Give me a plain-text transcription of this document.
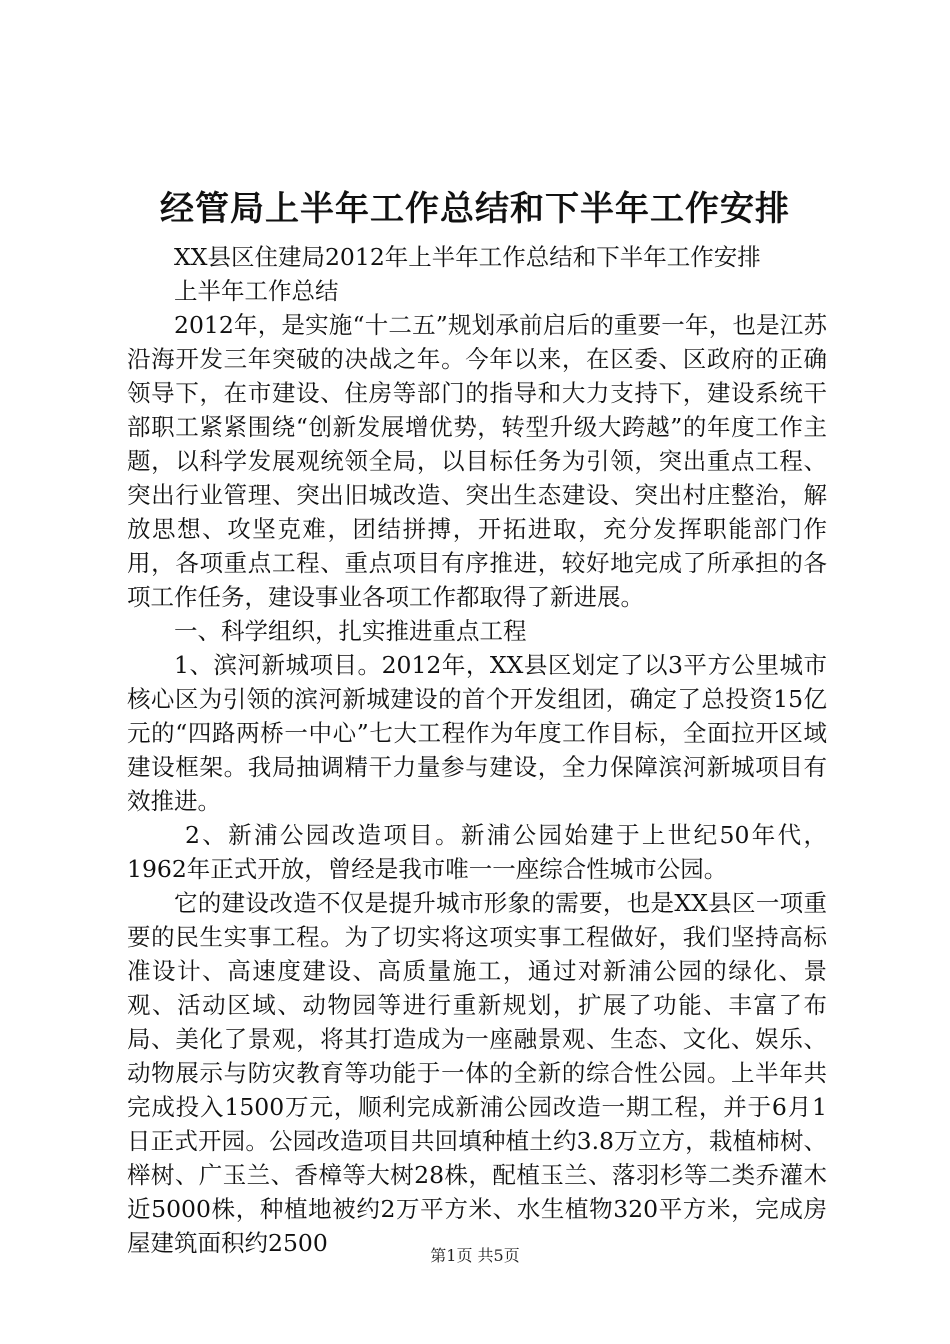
经管局上半年工作总结和下半年工作安排

XX县区住建局2012年上半年工作总结和下半年工作安排

上半年工作总结

2012年，是实施“十二五”规划承前启后的重要一年，也是江苏沿海开发三年突破的决战之年。今年以来，在区委、区政府的正确领导下，在市建设、住房等部门的指导和大力支持下，建设系统干部职工紧紧围绕“创新发展增优势，转型升级大跨越”的年度工作主题，以科学发展观统领全局，以目标任务为引领，突出重点工程、突出行业管理、突出旧城改造、突出生态建设、突出村庄整治，解放思想、攻坚克难，团结拼搏，开拓进取，充分发挥职能部门作用，各项重点工程、重点项目有序推进，较好地完成了所承担的各项工作任务，建设事业各项工作都取得了新进展。

一、科学组织，扎实推进重点工程

1、滨河新城项目。2012年，XX县区划定了以3平方公里城市核心区为引领的滨河新城建设的首个开发组团，确定了总投资15亿元的“四路两桥一中心”七大工程作为年度工作目标，全面拉开区域建设框架。我局抽调精干力量参与建设，全力保障滨河新城项目有效推进。

2、新浦公园改造项目。新浦公园始建于上世纪50年代，1962年正式开放，曾经是我市唯一一座综合性城市公园。

它的建设改造不仅是提升城市形象的需要，也是XX县区一项重要的民生实事工程。为了切实将这项实事工程做好，我们坚持高标准设计、高速度建设、高质量施工，通过对新浦公园的绿化、景观、活动区域、动物园等进行重新规划，扩展了功能、丰富了布局、美化了景观，将其打造成为一座融景观、生态、文化、娱乐、动物展示与防灾教育等功能于一体的全新的综合性公园。上半年共完成投入1500万元，顺利完成新浦公园改造一期工程，并于6月1日正式开园。公园改造项目共回填种植土约3.8万立方，栽植柿树、榉树、广玉兰、香樟等大树28株，配植玉兰、落羽杉等二类乔灌木近5000株，种植地被约2万平方米、水生植物320平方米，完成房屋建筑面积约2500	第1页 共5页
